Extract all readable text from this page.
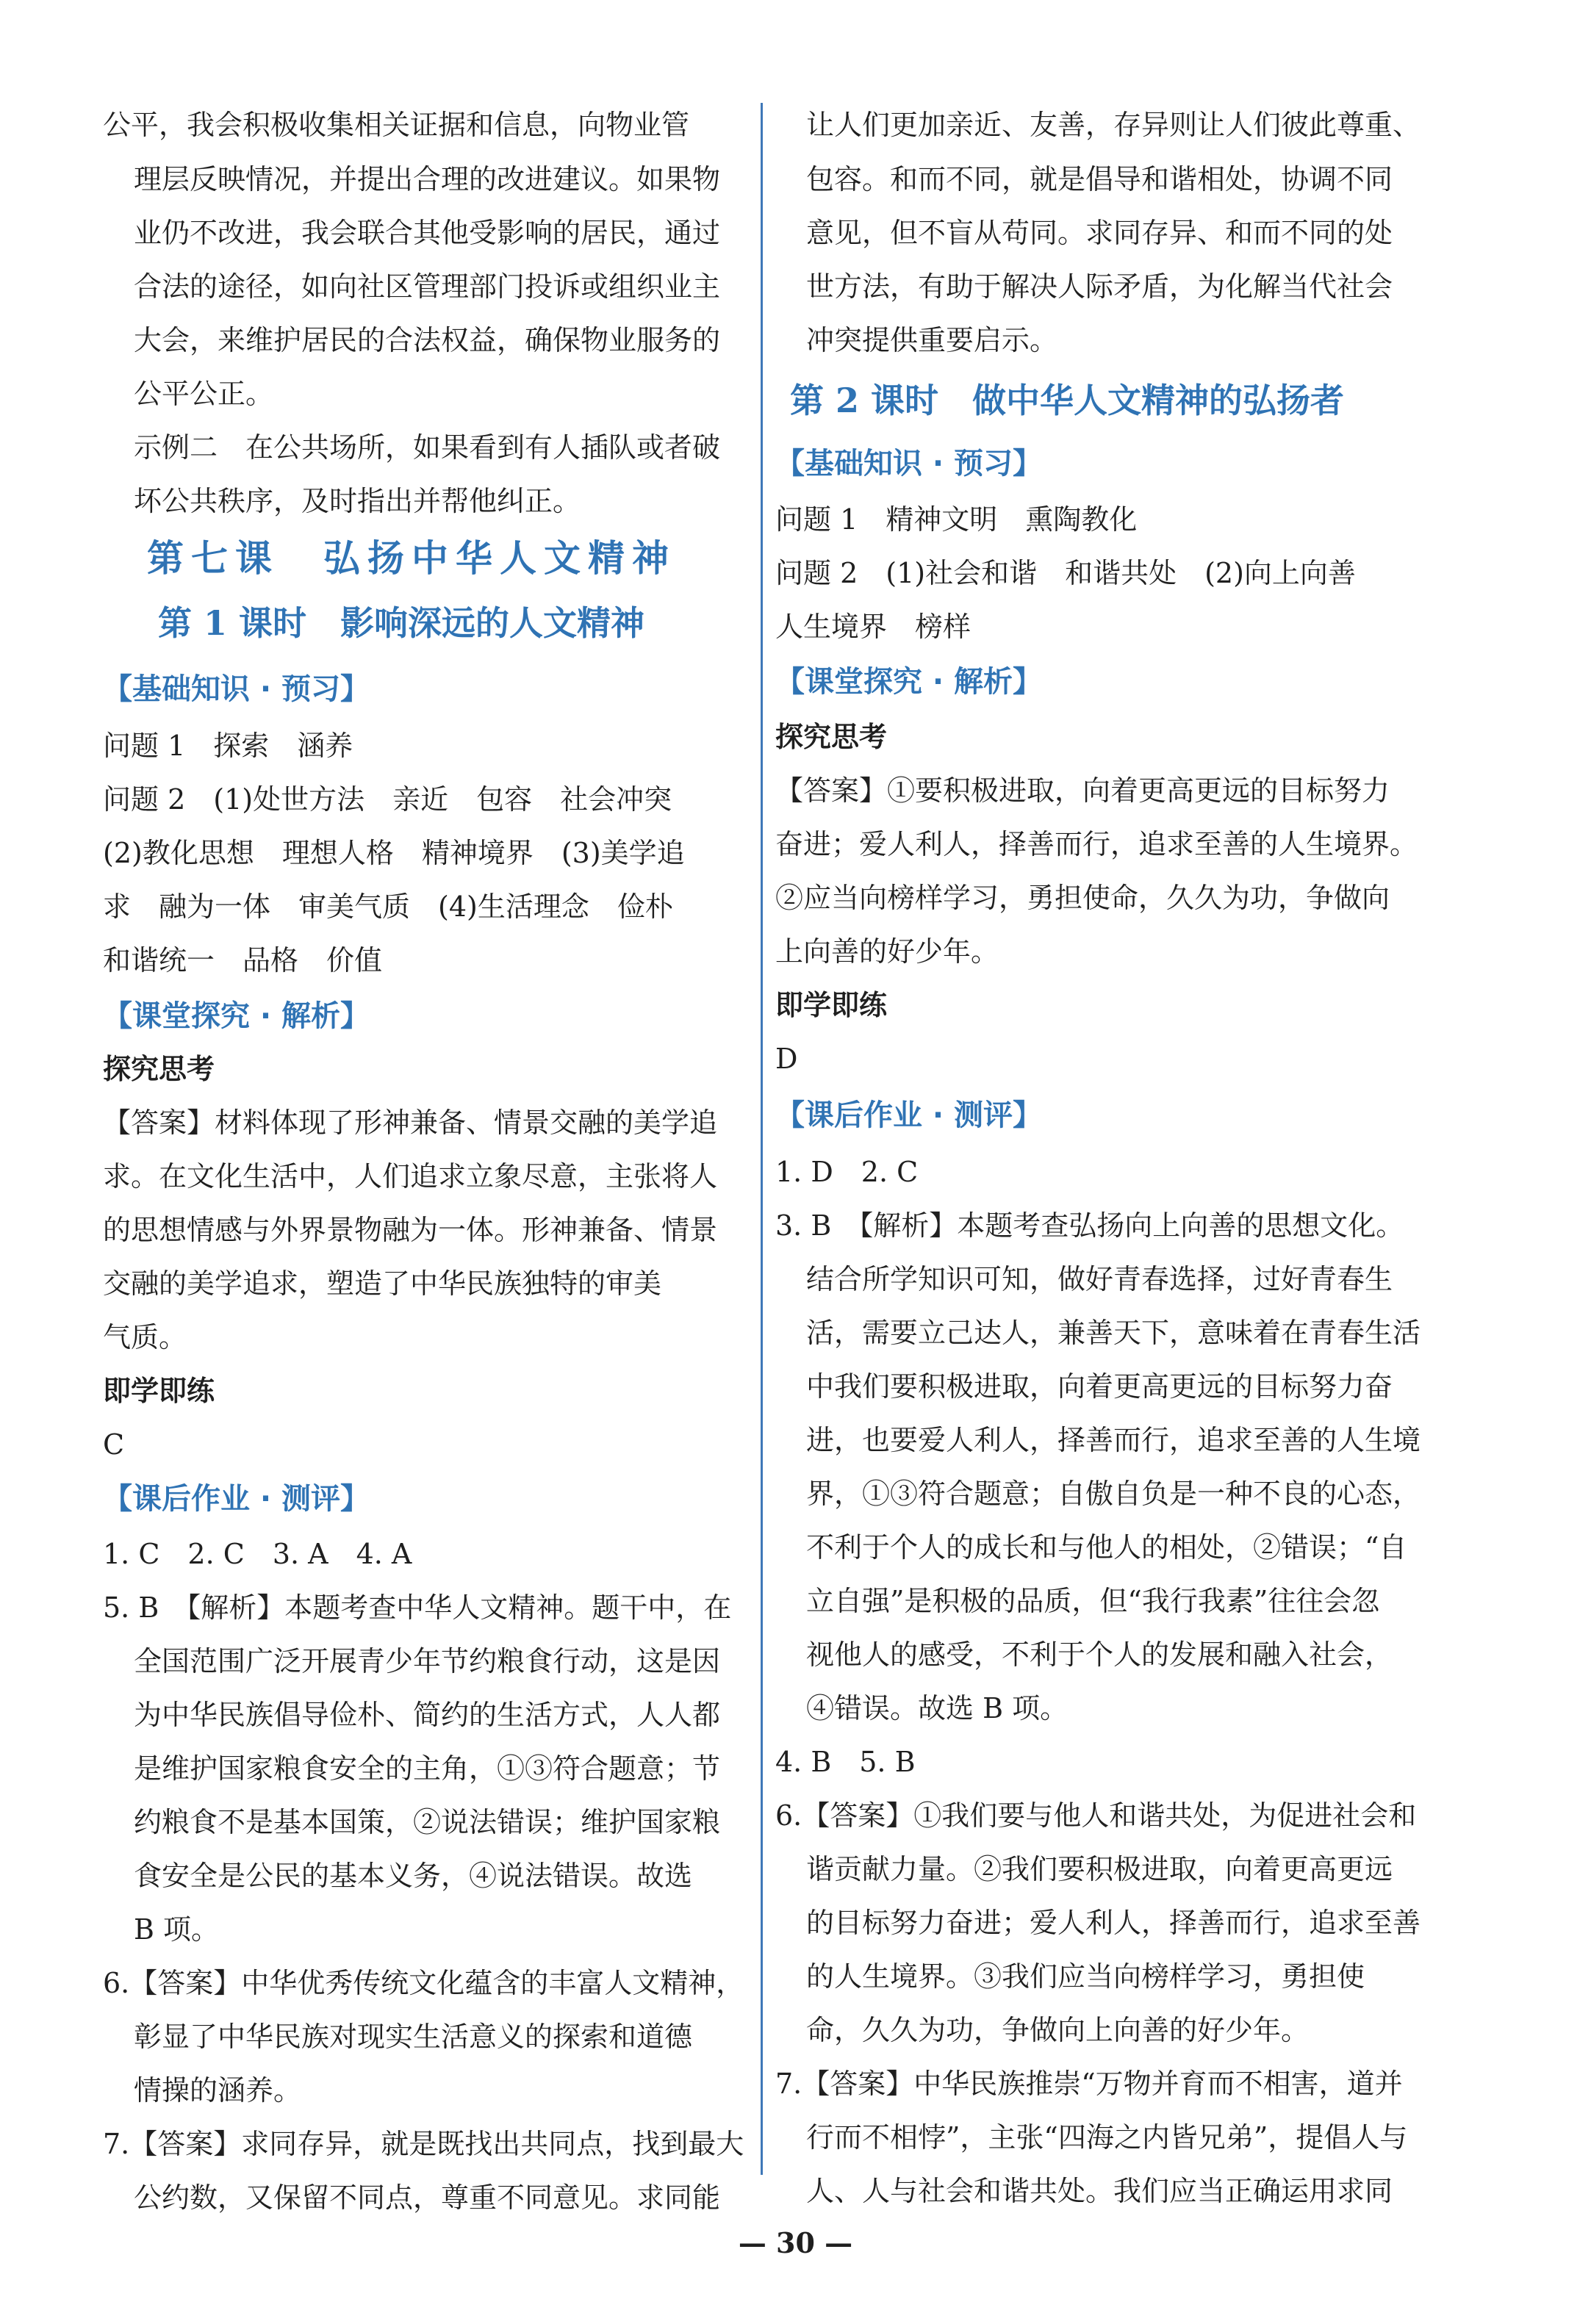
公平，我会积极收集相关证据和信息，向物业管
理层反映情况，并提出合理的改进建议。如果物
业仍不改进，我会联合其他受影响的居民，通过
合法的途径，如向社区管理部门投诉或组织业主
大会，来维护居民的合法权益，确保物业服务的
公平公正。
示例二　在公共场所，如果看到有人插队或者破
坏公共秩序，及时指出并帮他纠正。
第七课　弘扬中华人文精神
第 1 课时　影响深远的人文精神
【基础知识 · 预习】
问题 1　探索　涵养
问题 2　(1)处世方法　亲近　包容　社会冲突
(2)教化思想　理想人格　精神境界　(3)美学追
求　融为一体　审美气质　(4)生活理念　俭朴
和谐统一　品格　价值
【课堂探究 · 解析】
探究思考
【答案】材料体现了形神兼备、情景交融的美学追
求。在文化生活中，人们追求立象尽意，主张将人
的思想情感与外界景物融为一体。形神兼备、情景
交融的美学追求，塑造了中华民族独特的审美
气质。
即学即练
C
【课后作业 · 测评】
1. C　2. C　3. A　4. A
5. B　【解析】本题考查中华人文精神。题干中，在
全国范围广泛开展青少年节约粮食行动，这是因
为中华民族倡导俭朴、简约的生活方式，人人都
是维护国家粮食安全的主角，①③符合题意；节
约粮食不是基本国策，②说法错误；维护国家粮
食安全是公民的基本义务，④说法错误。故选
B 项。
6.【答案】中华优秀传统文化蕴含的丰富人文精神，
彰显了中华民族对现实生活意义的探索和道德
情操的涵养。
7.【答案】求同存异，就是既找出共同点，找到最大
公约数，又保留不同点，尊重不同意见。求同能
让人们更加亲近、友善，存异则让人们彼此尊重、
包容。和而不同，就是倡导和谐相处，协调不同
意见，但不盲从苟同。求同存异、和而不同的处
世方法，有助于解决人际矛盾，为化解当代社会
冲突提供重要启示。
第 2 课时　做中华人文精神的弘扬者
【基础知识 · 预习】
问题 1　精神文明　熏陶教化
问题 2　(1)社会和谐　和谐共处　(2)向上向善
人生境界　榜样
【课堂探究 · 解析】
探究思考
【答案】①要积极进取，向着更高更远的目标努力
奋进；爱人利人，择善而行，追求至善的人生境界。
②应当向榜样学习，勇担使命，久久为功，争做向
上向善的好少年。
即学即练
D
【课后作业 · 测评】
1. D　2. C
3. B　【解析】本题考查弘扬向上向善的思想文化。
结合所学知识可知，做好青春选择，过好青春生
活，需要立己达人，兼善天下，意味着在青春生活
中我们要积极进取，向着更高更远的目标努力奋
进，也要爱人利人，择善而行，追求至善的人生境
界，①③符合题意；自傲自负是一种不良的心态，
不利于个人的成长和与他人的相处，②错误；“自
立自强”是积极的品质，但“我行我素”往往会忽
视他人的感受，不利于个人的发展和融入社会，
④错误。故选 B 项。
4. B　5. B
6.【答案】①我们要与他人和谐共处，为促进社会和
谐贡献力量。②我们要积极进取，向着更高更远
的目标努力奋进；爱人利人，择善而行，追求至善
的人生境界。③我们应当向榜样学习，勇担使
命，久久为功，争做向上向善的好少年。
7.【答案】中华民族推崇“万物并育而不相害，道并
行而不相悖”，主张“四海之内皆兄弟”，提倡人与
人、人与社会和谐共处。我们应当正确运用求同
— 30 —
